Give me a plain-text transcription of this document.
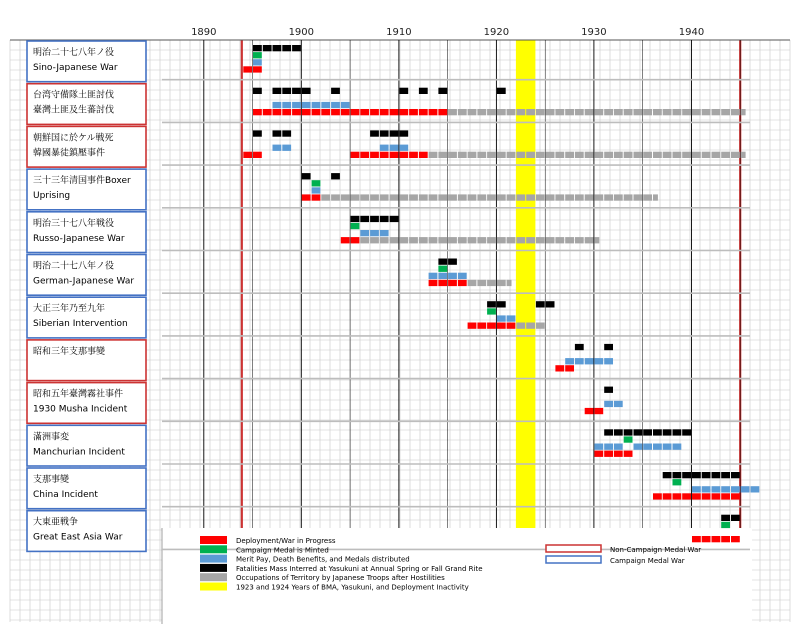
1890	1900	1910	1920	1930	1940
明治二十七八年ノ役
Sino-Japanese War
台湾守備隊土匪討伐
臺灣土匪及生蕃討伐
朝鮮国に於ケル戦死
韓國暴徒鎮壓事件
三十三年清国事件Boxer
Uprising
明治三十七八年戦役
Russo-Japanese War
明治二十七八年ノ役
German-Japanese War
大正三年乃至九年
Siberian Intervention
昭和三年支那事變
昭和五年臺灣霧社事件
1930 Musha Incident
滿洲事変
Manchurian Incident
支那事變
China Incident
大東亜戦争
Great East Asia War	Deployment/War in Progress
Campaign Medal is Minted
Merit Pay, Death Benefits, and Medals distributed
Fatalities Mass Interred at Yasukuni at Annual Spring or Fall Grand Rite
Occupations of Territory by Japanese Troops after Hostilities
1923 and 1924 Years of BMA, Yasukuni, and Deployment Inactivity
Non-Campaign Medal War
Campaign Medal War
